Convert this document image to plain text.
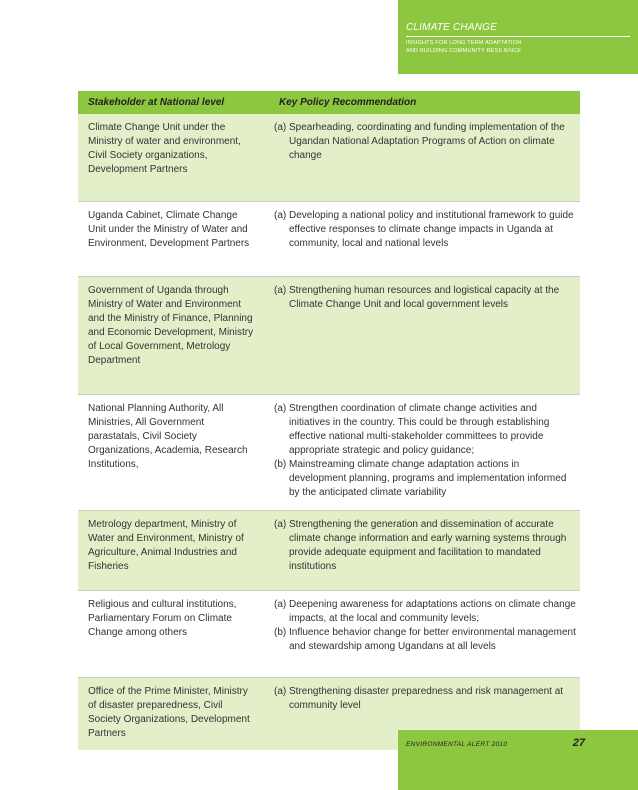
CLIMATE CHANGE
INSIGHTS FOR LONG TERM ADAPTATION
AND BUILDING COMMUNITY RESILIENCE
Stakeholder at National level	Key Policy Recommendation
Climate Change Unit under the Ministry of water and environment, Civil Society organizations, Development Partners
(a) Spearheading, coordinating and funding implementation of the Ugandan National Adaptation Programs of Action on climate change
Uganda Cabinet, Climate Change Unit under the Ministry of Water and Environment, Development Partners
(a) Developing a national policy and institutional framework to guide effective responses to climate change impacts in Uganda at community, local and national levels
Government of Uganda through Ministry of Water and Environment and the Ministry of Finance, Planning and Economic Development, Ministry of Local Government, Metrology Department
(a) Strengthening human resources and logistical capacity at the Climate Change Unit and local government levels
National Planning Authority, All Ministries, All Government parastatals, Civil Society Organizations, Academia, Research Institutions,
(a) Strengthen coordination of climate change activities and initiatives in the country. This could be through establishing effective national multi-stakeholder committees to provide appropriate strategic and policy guidance;
(b) Mainstreaming climate change adaptation actions in development planning, programs and implementation informed by the anticipated climate variability
Metrology department, Ministry of Water and Environment, Ministry of Agriculture, Animal Industries and Fisheries
(a) Strengthening the generation and dissemination of accurate climate change information and early warning systems through provide adequate equipment and facilitation to mandated institutions
Religious and cultural institutions, Parliamentary Forum on Climate Change among others
(a) Deepening awareness for adaptations actions on climate change impacts, at the local and community levels;
(b) Influence behavior change for better environmental management and stewardship among Ugandans at all levels
Office of the Prime Minister, Ministry of disaster preparedness, Civil Society Organizations, Development Partners
(a) Strengthening disaster preparedness and risk management at community level
ENVIRONMENTAL ALERT 2010	27
